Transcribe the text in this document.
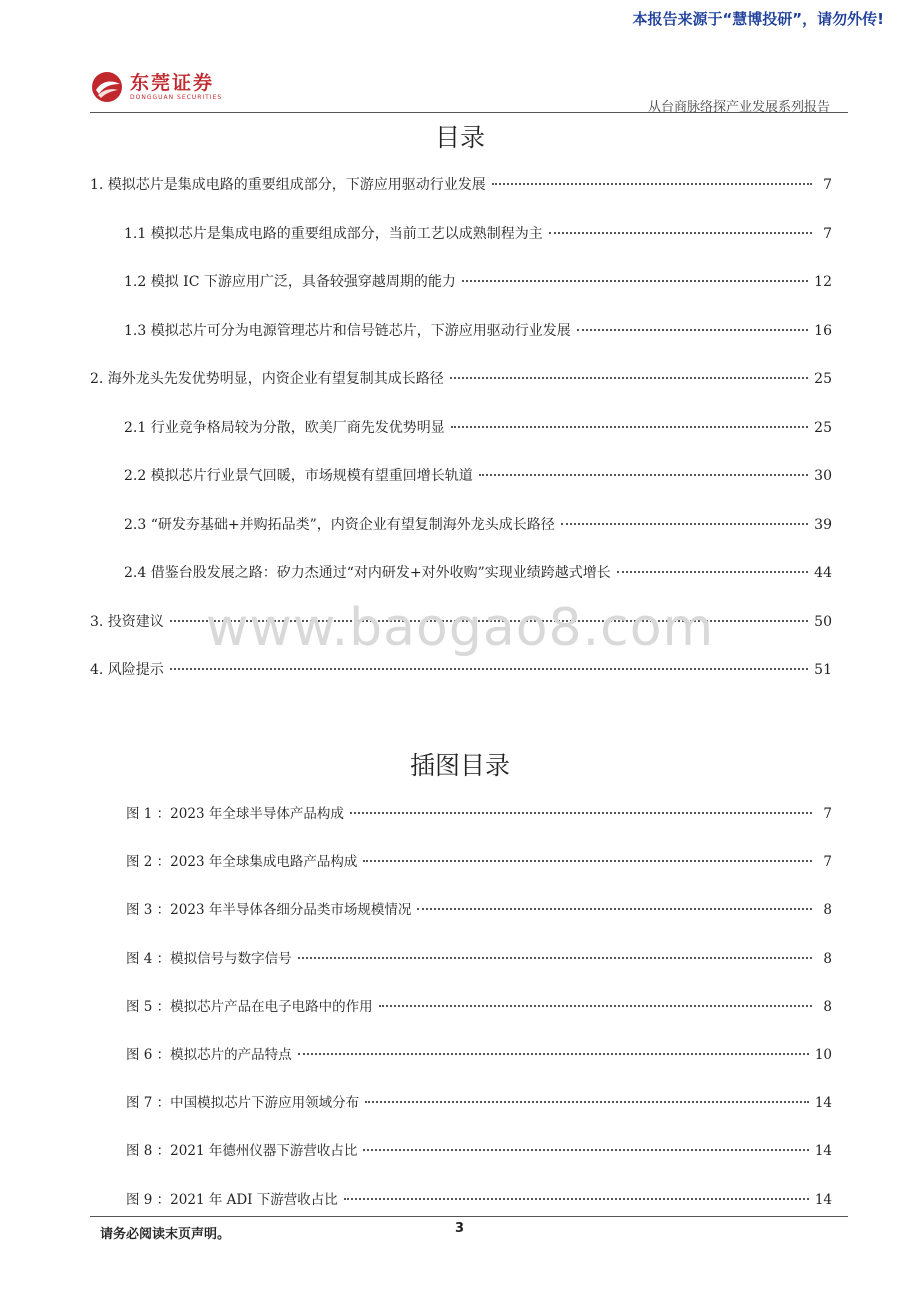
本报告来源于“慧博投研”，请勿外传!
东莞证券
DONGGUAN SECURITIES
从台商脉络探产业发展系列报告
目录
1. 模拟芯片是集成电路的重要组成部分，下游应用驱动行业发展	7
1.1 模拟芯片是集成电路的重要组成部分，当前工艺以成熟制程为主	7
1.2 模拟 IC 下游应用广泛，具备较强穿越周期的能力	12
1.3 模拟芯片可分为电源管理芯片和信号链芯片，下游应用驱动行业发展	16
2. 海外龙头先发优势明显，内资企业有望复制其成长路径	25
2.1 行业竞争格局较为分散，欧美厂商先发优势明显	25
2.2 模拟芯片行业景气回暖，市场规模有望重回增长轨道	30
2.3 “研发夯基础+并购拓品类”，内资企业有望复制海外龙头成长路径	39
2.4 借鉴台股发展之路：矽力杰通过“对内研发+对外收购”实现业绩跨越式增长	44
3. 投资建议	50
4. 风险提示	51
www.baogao8.com
插图目录
图 1 ：2023 年全球半导体产品构成	7
图 2 ：2023 年全球集成电路产品构成	7
图 3 ：2023 年半导体各细分品类市场规模情况	8
图 4 ：模拟信号与数字信号	8
图 5 ：模拟芯片产品在电子电路中的作用	8
图 6 ：模拟芯片的产品特点	10
图 7 ：中国模拟芯片下游应用领域分布	14
图 8 ：2021 年德州仪器下游营收占比	14
图 9 ：2021 年 ADI 下游营收占比	14
请务必阅读末页声明。	3
